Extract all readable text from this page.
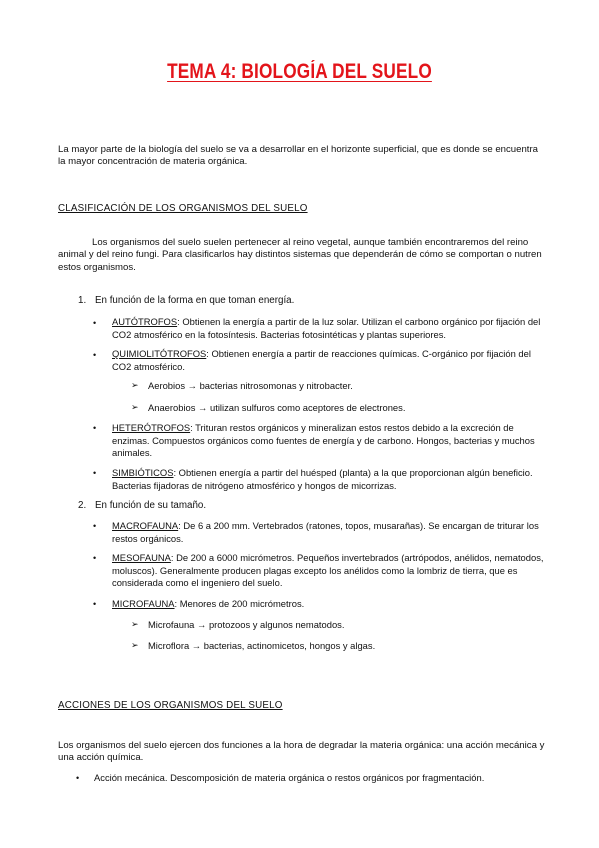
TEMA 4: BIOLOGÍA DEL SUELO
La mayor parte de la biología del suelo se va a desarrollar en el horizonte superficial, que es donde se encuentra la mayor concentración de materia orgánica.
CLASIFICACIÓN DE LOS ORGANISMOS DEL SUELO
Los organismos del suelo suelen pertenecer al reino vegetal, aunque también encontraremos del reino animal y del reino fungi. Para clasificarlos hay distintos sistemas que dependerán de cómo se comportan o nutren estos organismos.
1. En función de la forma en que toman energía.
• AUTÓTROFOS: Obtienen la energía a partir de la luz solar. Utilizan el carbono orgánico por fijación del CO2 atmosférico en la fotosíntesis. Bacterias fotosintéticas y plantas superiores.
• QUIMIOLITÓTROFOS: Obtienen energía a partir de reacciones químicas. C-orgánico por fijación del CO2 atmosférico.
➢ Aerobios → bacterias nitrosomonas y nitrobacter.
➢ Anaerobios → utilizan sulfuros como aceptores de electrones.
• HETERÓTROFOS: Trituran restos orgánicos y mineralizan estos restos debido a la excreción de enzimas. Compuestos orgánicos como fuentes de energía y de carbono. Hongos, bacterias y muchos animales.
• SIMBIÓTICOS: Obtienen energía a partir del huésped (planta) a la que proporcionan algún beneficio. Bacterias fijadoras de nitrógeno atmosférico y hongos de micorrizas.
2. En función de su tamaño.
• MACROFAUNA: De 6 a 200 mm. Vertebrados (ratones, topos, musarañas). Se encargan de triturar los restos orgánicos.
• MESOFAUNA: De 200 a 6000 micrómetros. Pequeños invertebrados (artrópodos, anélidos, nematodos, moluscos). Generalmente producen plagas excepto los anélidos como la lombriz de tierra, que es considerada como el ingeniero del suelo.
• MICROFAUNA: Menores de 200 micrómetros.
➢ Microfauna → protozoos y algunos nematodos.
➢ Microflora → bacterias, actinomicetos, hongos y algas.
ACCIONES DE LOS ORGANISMOS DEL SUELO
Los organismos del suelo ejercen dos funciones a la hora de degradar la materia orgánica: una acción mecánica y una acción química.
• Acción mecánica. Descomposición de materia orgánica o restos orgánicos por fragmentación.
